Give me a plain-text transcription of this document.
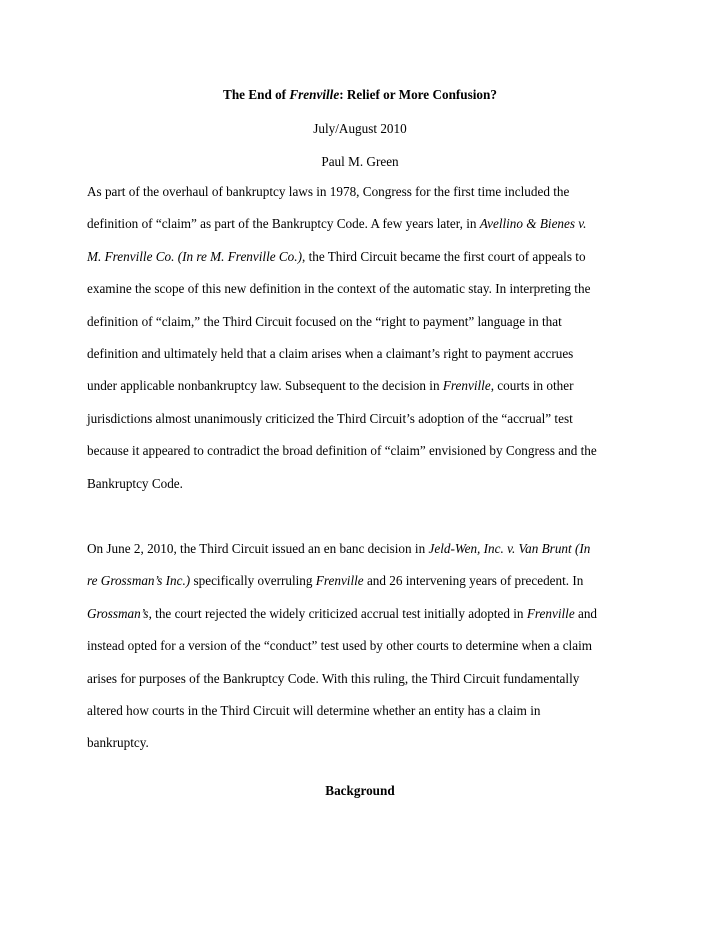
The End of Frenville: Relief or More Confusion?
July/August 2010
Paul M. Green
As part of the overhaul of bankruptcy laws in 1978, Congress for the first time included the
definition of “claim” as part of the Bankruptcy Code. A few years later, in Avellino & Bienes v.
M. Frenville Co. (In re M. Frenville Co.), the Third Circuit became the first court of appeals to
examine the scope of this new definition in the context of the automatic stay. In interpreting the
definition of “claim,” the Third Circuit focused on the “right to payment” language in that
definition and ultimately held that a claim arises when a claimant’s right to payment accrues
under applicable nonbankruptcy law. Subsequent to the decision in Frenville, courts in other
jurisdictions almost unanimously criticized the Third Circuit’s adoption of the “accrual” test
because it appeared to contradict the broad definition of “claim” envisioned by Congress and the
Bankruptcy Code.
On June 2, 2010, the Third Circuit issued an en banc decision in Jeld-Wen, Inc. v. Van Brunt (In
re Grossman’s Inc.) specifically overruling Frenville and 26 intervening years of precedent. In
Grossman’s, the court rejected the widely criticized accrual test initially adopted in Frenville and
instead opted for a version of the “conduct” test used by other courts to determine when a claim
arises for purposes of the Bankruptcy Code. With this ruling, the Third Circuit fundamentally
altered how courts in the Third Circuit will determine whether an entity has a claim in
bankruptcy.
Background
